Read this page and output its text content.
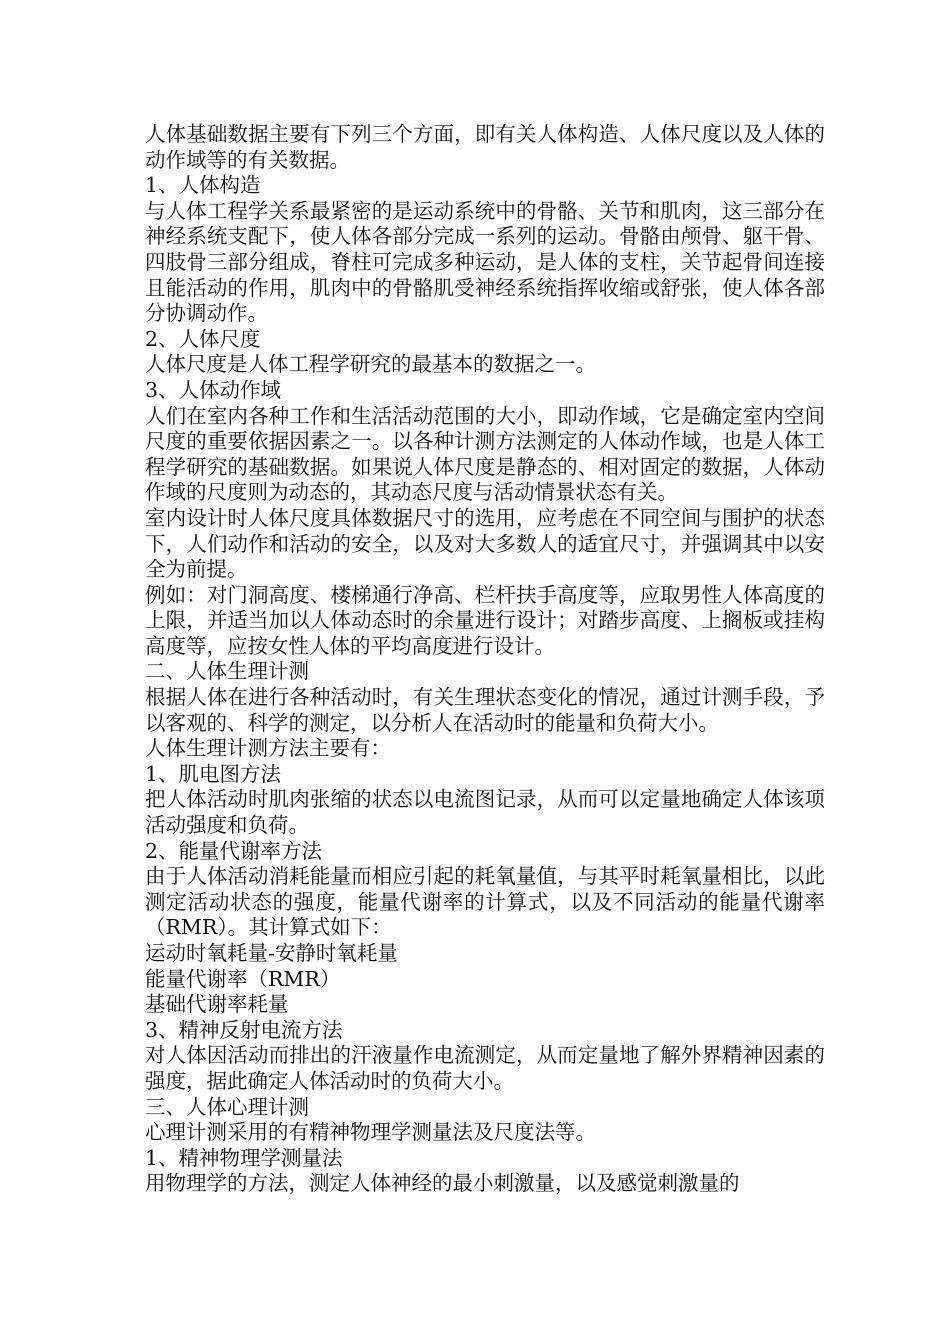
人体基础数据主要有下列三个方面，即有关人体构造、人体尺度以及人体的动作域等的有关数据。

1、人体构造

与人体工程学关系最紧密的是运动系统中的骨骼、关节和肌肉，这三部分在神经系统支配下，使人体各部分完成一系列的运动。骨骼由颅骨、躯干骨、四肢骨三部分组成，脊柱可完成多种运动，是人体的支柱，关节起骨间连接且能活动的作用，肌肉中的骨骼肌受神经系统指挥收缩或舒张，使人体各部分协调动作。

2、人体尺度

人体尺度是人体工程学研究的最基本的数据之一。

3、人体动作域

人们在室内各种工作和生活活动范围的大小，即动作域，它是确定室内空间尺度的重要依据因素之一。以各种计测方法测定的人体动作域，也是人体工程学研究的基础数据。如果说人体尺度是静态的、相对固定的数据，人体动作域的尺度则为动态的，其动态尺度与活动情景状态有关。

室内设计时人体尺度具体数据尺寸的选用，应考虑在不同空间与围护的状态下，人们动作和活动的安全，以及对大多数人的适宜尺寸，并强调其中以安全为前提。

例如：对门洞高度、楼梯通行净高、栏杆扶手高度等，应取男性人体高度的上限，并适当加以人体动态时的余量进行设计；对踏步高度、上搁板或挂构高度等，应按女性人体的平均高度进行设计。

二、人体生理计测

根据人体在进行各种活动时，有关生理状态变化的情况，通过计测手段，予以客观的、科学的测定，以分析人在活动时的能量和负荷大小。

人体生理计测方法主要有：

1、肌电图方法

把人体活动时肌肉张缩的状态以电流图记录，从而可以定量地确定人体该项活动强度和负荷。

2、能量代谢率方法

由于人体活动消耗能量而相应引起的耗氧量值，与其平时耗氧量相比，以此测定活动状态的强度，能量代谢率的计算式，以及不同活动的能量代谢率（RMR）。其计算式如下：

运动时氧耗量-安静时氧耗量

能量代谢率（RMR）

基础代谢率耗量

3、精神反射电流方法

对人体因活动而排出的汗液量作电流测定，从而定量地了解外界精神因素的强度，据此确定人体活动时的负荷大小。

三、人体心理计测

心理计测采用的有精神物理学测量法及尺度法等。

1、精神物理学测量法

用物理学的方法，测定人体神经的最小刺激量，以及感觉刺激量的
